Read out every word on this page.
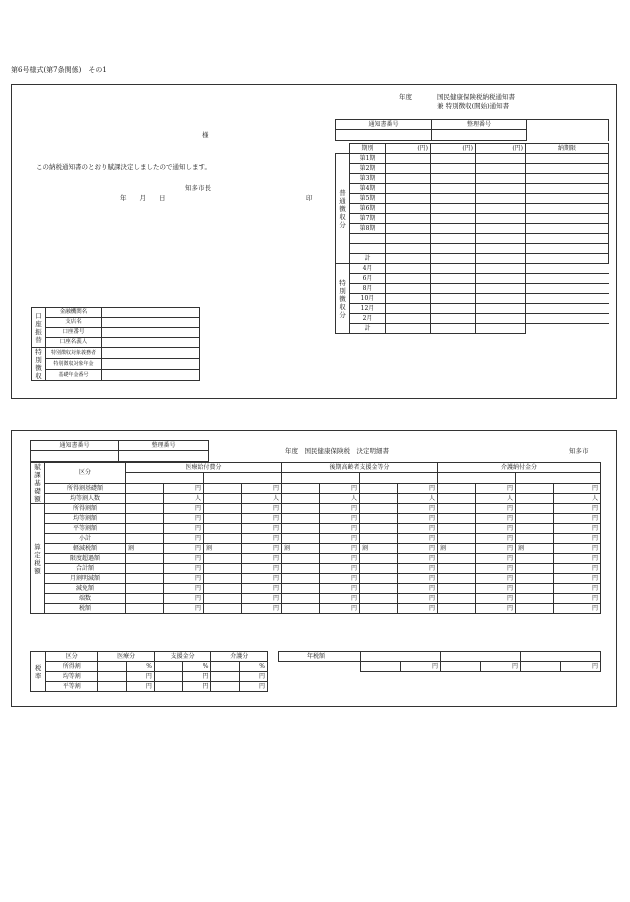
第6号様式(第7条関係)　その1
年度	国民健康保険税納税通知書
兼 特別徴収(開始)通知書
様
この納税通知書のとおり賦課決定しましたので通知します。
知多市長
年　　月　　日	印
通知書番号	整理番号	

	期別	(円)	(円)	(円)	納期限

普通徴収分	第1期				
	第2期				
	第3期				
	第4期				
	第5期				
	第6期				
	第7期				
	第8期				

	計				

特別徴収分	4月				
	6月				
	8月				
	10月				
	12月				
	2月				
	計				
口座振替	金融機関名	
	支店名	
	口座番号	
	口座名義人	

特別徴収	特別徴収対象義務者	
	特別徴収対象年金	
	基礎年金番号	
通知書番号	整理番号

年度　国民健康保険税　決定明細書	知多市
賦課基礎額	区分	医療給付費分				後期高齢者支援金等分				介護納付金分			

	所得割基礎額		円		円		円		円		円		円
	均等割人数		人		人		人		人		人		人

算定税額	所得割額		円		円		円		円		円		円
	均等割額		円		円		円		円		円		円
	平等割額		円		円		円		円		円		円
	小計		円		円		円		円		円		円
	軽減税額	割	円	割	円	割	円	割	円	割	円	割	円
	限度超過額		円		円		円		円		円		円
	合計額		円		円		円		円		円		円
	月割明減額		円		円		円		円		円		円
	減免額		円		円		円		円		円		円
	端数		円		円		円		円		円		円
	税額		円		円		円		円		円		円
税率	区分	医療分		支援金分		介護分	
	所得割		%		%		%
	均等割		円		円		円
	平等割		円		円		円
年税額						
		円		円		円
